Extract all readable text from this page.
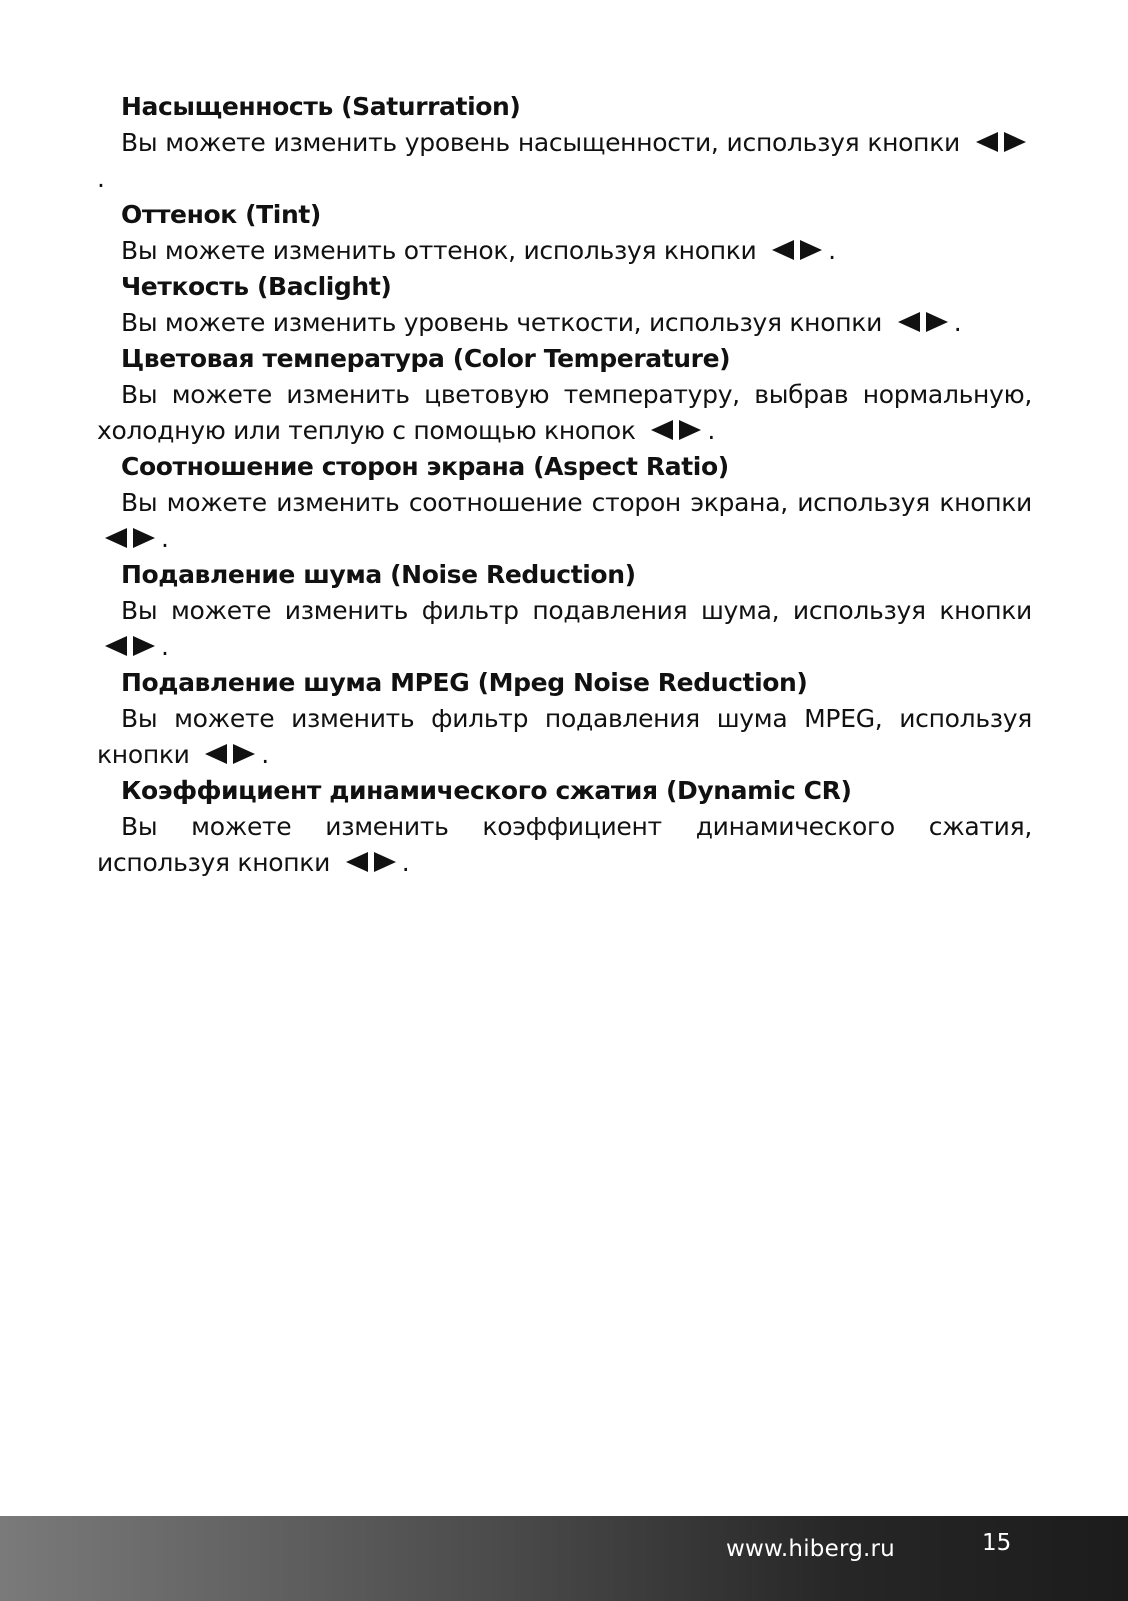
Насыщенность (Saturration)
Вы можете изменить уровень насыщенности, используя кнопки
.
Оттенок (Tint)
Вы можете изменить оттенок, используя кнопки	.
Четкость (Baclight)
Вы можете изменить уровень четкости, используя кнопки	.
Цветовая температура (Color Temperature)
Вы можете изменить цветовую температуру, выбрав нормальную, холодную или теплую с помощью кнопок	.
Соотношение сторон экрана (Aspect Ratio)
Вы можете изменить соотношение сторон экрана, используя кнопки
.
Подавление шума (Noise Reduction)
Вы можете изменить фильтр подавления шума, используя кнопки
.
Подавление шума MPEG (Mpeg Noise Reduction)
Вы можете изменить фильтр подавления шума MPEG, используя кнопки	.
Коэффициент динамического сжатия (Dynamic CR)
Вы можете изменить коэффициент динамического сжатия, используя кнопки	.
www.hiberg.ru	15
